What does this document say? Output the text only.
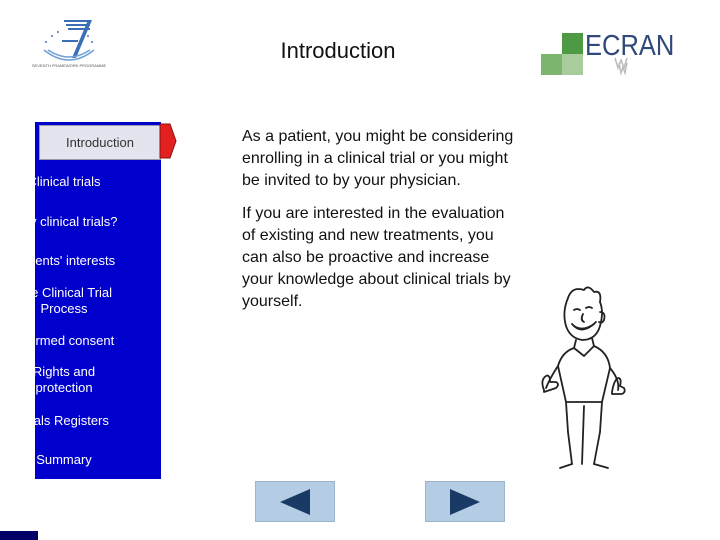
SEVENTH FRAMEWORK PROGRAMME
Introduction	ECRAN
Introduction
Clinical trials
Why clinical trials?
Patients' interests
The Clinical Trial Process
Informed consent
Rights and protection
Trials Registers
Summary

As a patient, you might be considering enrolling in a clinical trial or you might be invited to by your physician.

If you are interested in the evaluation of existing and new treatments, you can also be proactive and increase your knowledge about clinical trials by yourself.
